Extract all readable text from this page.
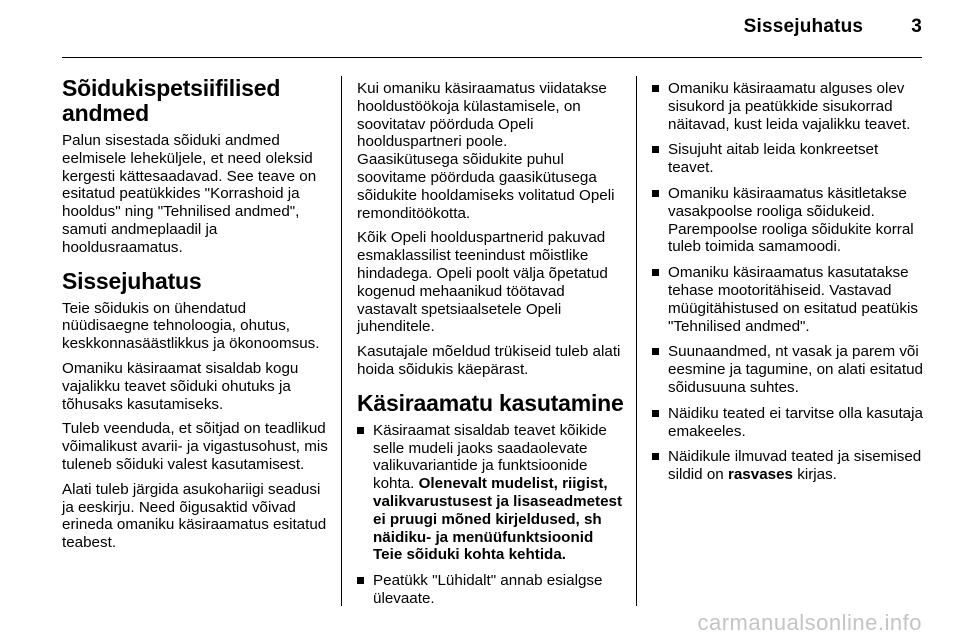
Sissejuhatus	3
Sõidukispetsiifilised andmed

Palun sisestada sõiduki andmed eelmisele leheküljele, et need oleksid kergesti kättesaadavad. See teave on esitatud peatükkides "Korrashoid ja hooldus" ning "Tehnilised andmed", samuti andmeplaadil ja hooldusraamatus.

Sissejuhatus

Teie sõidukis on ühendatud nüüdisaegne tehnoloogia, ohutus, keskkonnasäästlikkus ja ökonoomsus.

Omaniku käsiraamat sisaldab kogu vajalikku teavet sõiduki ohutuks ja tõhusaks kasutamiseks.

Tuleb veenduda, et sõitjad on teadlikud võimalikust avarii- ja vigastusohust, mis tuleneb sõiduki valest kasutamisest.

Alati tuleb järgida asukohariigi seadusi ja eeskirju. Need õigusaktid võivad erineda omaniku käsiraamatus esitatud teabest.

Kui omaniku käsiraamatus viidatakse hooldustöökoja külastamisele, on soovitatav pöörduda Opeli hoolduspartneri poole.

Gaasikütusega sõidukite puhul soovitame pöörduda gaasikütusega sõidukite hooldamiseks volitatud Opeli remonditöökotta.

Kõik Opeli hoolduspartnerid pakuvad esmaklassilist teenindust mõistlike hindadega. Opeli poolt välja õpetatud kogenud mehaanikud töötavad vastavalt spetsiaalsetele Opeli juhenditele.

Kasutajale mõeldud trükiseid tuleb alati hoida sõidukis käepärast.

Käsiraamatu kasutamine
Käsiraamat sisaldab teavet kõikide selle mudeli jaoks saadaolevate valikuvariantide ja funktsioonide kohta. Olenevalt mudelist, riigist, valikvarustusest ja lisaseadmetest ei pruugi mõned kirjeldused, sh näidiku- ja menüüfunktsioonid Teie sõiduki kohta kehtida.
Peatükk "Lühidalt" annab esialgse ülevaate.
Omaniku käsiraamatu alguses olev sisukord ja peatükkide sisukorrad näitavad, kust leida vajalikku teavet.
Sisujuht aitab leida konkreetset teavet.
Omaniku käsiraamatus käsitletakse vasakpoolse rooliga sõidukeid. Parempoolse rooliga sõidukite korral tuleb toimida samamoodi.
Omaniku käsiraamatus kasutatakse tehase mootoritähiseid. Vastavad müügitähistused on esitatud peatükis "Tehnilised andmed".
Suunaandmed, nt vasak ja parem või eesmine ja tagumine, on alati esitatud sõidusuuna suhtes.
Näidiku teated ei tarvitse olla kasutaja emakeeles.
Näidikule ilmuvad teated ja sisemised sildid on rasvases kirjas.
carmanualsonline.info
